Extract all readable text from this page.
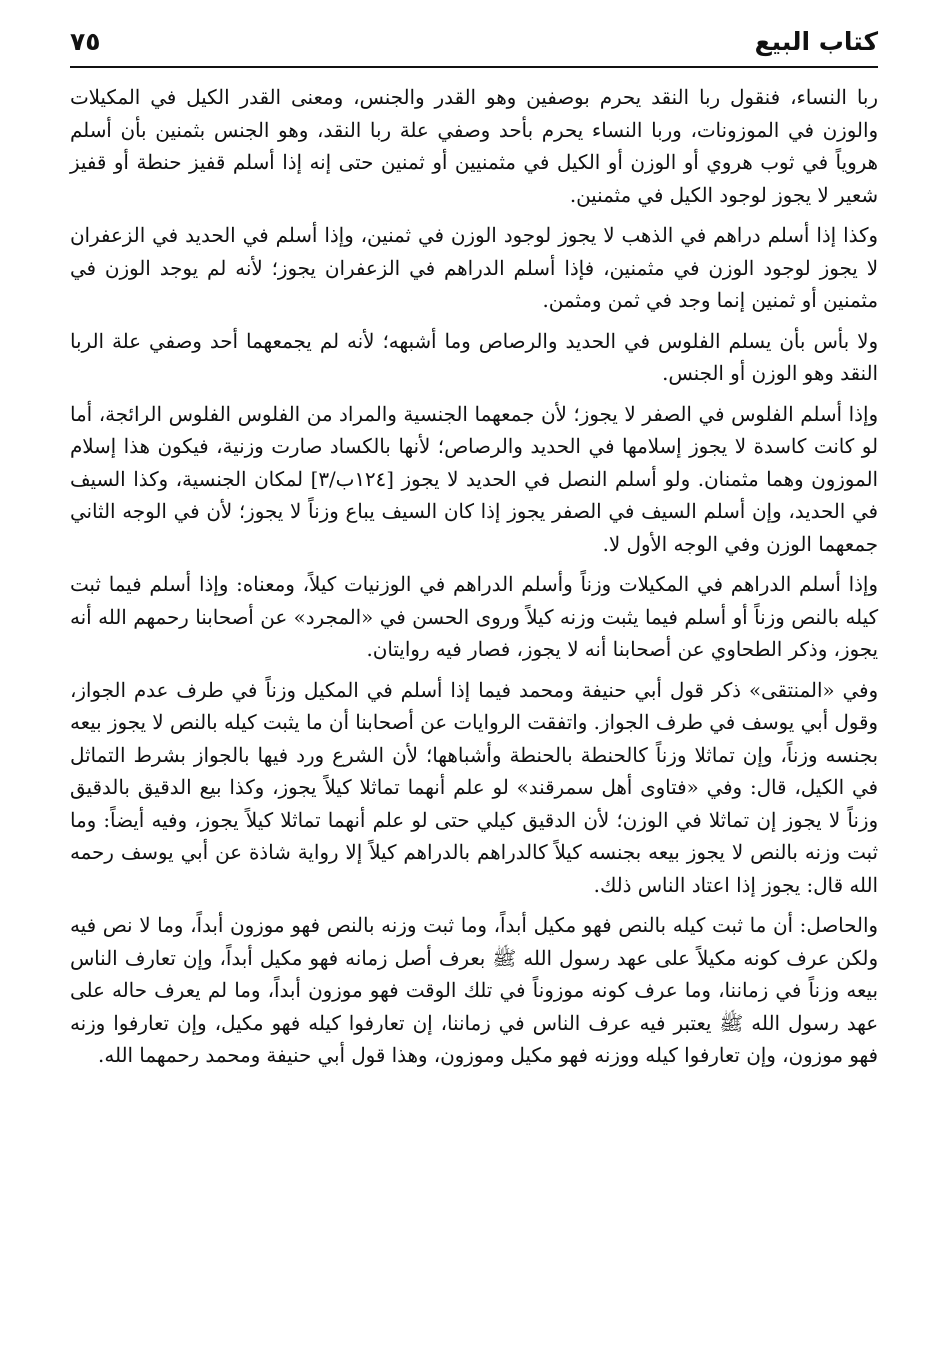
كتاب البيع
٧٥

ربا النساء، فنقول ربا النقد يحرم بوصفين وهو القدر والجنس، ومعنى القدر الكيل في المكيلات والوزن في الموزونات، وربا النساء يحرم بأحد وصفي علة ربا النقد، وهو الجنس بثمنين بأن أسلم هروياً في ثوب هروي أو الوزن أو الكيل في مثمنيين أو ثمنين حتى إنه إذا أسلم قفيز حنطة أو قفيز شعير لا يجوز لوجود الكيل في مثمنين.

وكذا إذا أسلم دراهم في الذهب لا يجوز لوجود الوزن في ثمنين، وإذا أسلم في الحديد في الزعفران لا يجوز لوجود الوزن في مثمنين، فإذا أسلم الدراهم في الزعفران يجوز؛ لأنه لم يوجد الوزن في مثمنين أو ثمنين إنما وجد في ثمن ومثمن.

ولا بأس بأن يسلم الفلوس في الحديد والرصاص وما أشبهه؛ لأنه لم يجمعهما أحد وصفي علة الربا النقد وهو الوزن أو الجنس.

وإذا أسلم الفلوس في الصفر لا يجوز؛ لأن جمعهما الجنسية والمراد من الفلوس الفلوس الرائجة، أما لو كانت كاسدة لا يجوز إسلامها في الحديد والرصاص؛ لأنها بالكساد صارت وزنية، فيكون هذا إسلام الموزون وهما مثمنان. ولو أسلم النصل في الحديد لا يجوز [١٢٤ب/٣] لمكان الجنسية، وكذا السيف في الحديد، وإن أسلم السيف في الصفر يجوز إذا كان السيف يباع وزناً لا يجوز؛ لأن في الوجه الثاني جمعهما الوزن وفي الوجه الأول لا.

وإذا أسلم الدراهم في المكيلات وزناً وأسلم الدراهم في الوزنيات كيلاً، ومعناه: وإذا أسلم فيما ثبت كيله بالنص وزناً أو أسلم فيما يثبت وزنه كيلاً وروى الحسن في «المجرد» عن أصحابنا رحمهم الله أنه يجوز، وذكر الطحاوي عن أصحابنا أنه لا يجوز، فصار فيه روايتان.

وفي «المنتقى» ذكر قول أبي حنيفة ومحمد فيما إذا أسلم في المكيل وزناً في طرف عدم الجواز، وقول أبي يوسف في طرف الجواز. واتفقت الروايات عن أصحابنا أن ما يثبت كيله بالنص لا يجوز بيعه بجنسه وزناً، وإن تماثلا وزناً كالحنطة بالحنطة وأشباهها؛ لأن الشرع ورد فيها بالجواز بشرط التماثل في الكيل، قال: وفي «فتاوى أهل سمرقند» لو علم أنهما تماثلا كيلاً يجوز، وكذا بيع الدقيق بالدقيق وزناً لا يجوز إن تماثلا في الوزن؛ لأن الدقيق كيلي حتى لو علم أنهما تماثلا كيلاً يجوز، وفيه أيضاً: وما ثبت وزنه بالنص لا يجوز بيعه بجنسه كيلاً كالدراهم بالدراهم كيلاً إلا رواية شاذة عن أبي يوسف رحمه الله قال: يجوز إذا اعتاد الناس ذلك.

والحاصل: أن ما ثبت كيله بالنص فهو مكيل أبداً، وما ثبت وزنه بالنص فهو موزون أبداً، وما لا نص فيه ولكن عرف كونه مكيلاً على عهد رسول الله ﷺ بعرف أصل زمانه فهو مكيل أبداً، وإن تعارف الناس بيعه وزناً في زماننا، وما عرف كونه موزوناً في تلك الوقت فهو موزون أبداً، وما لم يعرف حاله على عهد رسول الله ﷺ يعتبر فيه عرف الناس في زماننا، إن تعارفوا كيله فهو مكيل، وإن تعارفوا وزنه فهو موزون، وإن تعارفوا كيله ووزنه فهو مكيل وموزون، وهذا قول أبي حنيفة ومحمد رحمهما الله.
